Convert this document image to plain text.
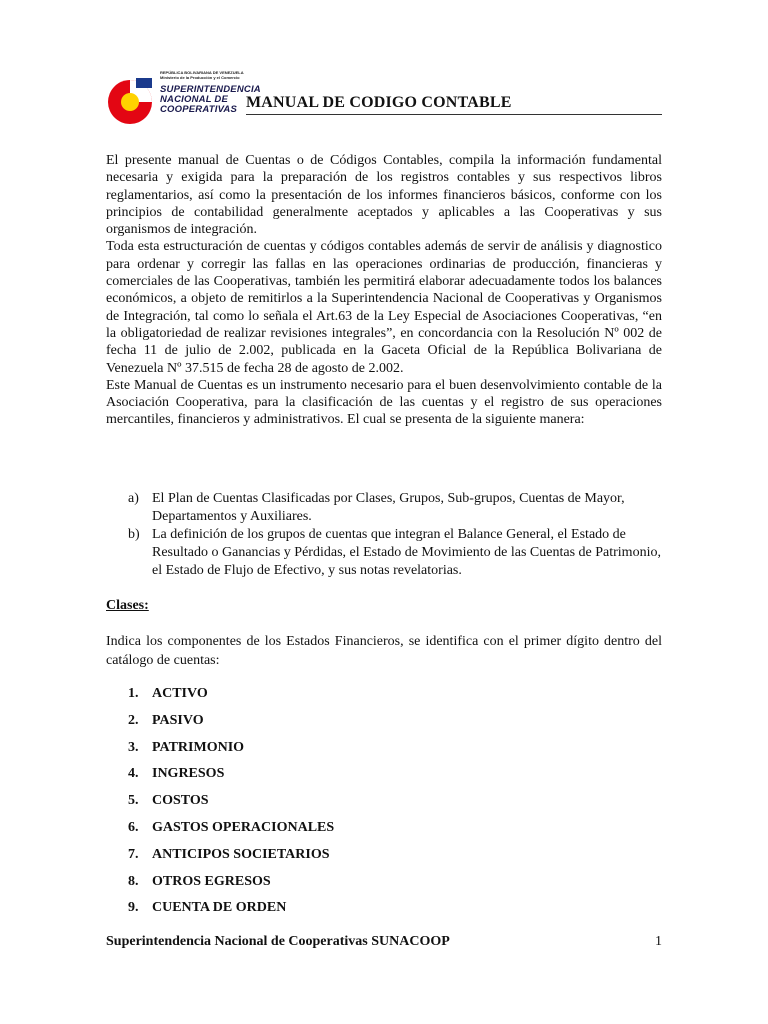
REPÚBLICA BOLIVARIANA DE VENEZUELA
Ministerio de la Producción y el Comercio
SUPERINTENDENCIA
NACIONAL DE
COOPERATIVAS MANUAL DE CODIGO CONTABLE

El presente manual de Cuentas o de Códigos Contables, compila la información fundamental necesaria y exigida para la preparación de los registros contables y sus respectivos libros reglamentarios, así como la presentación de los informes financieros básicos, conforme con los principios de contabilidad generalmente aceptados y aplicables a las Cooperativas y sus organismos de integración.

Toda esta estructuración de cuentas y códigos contables además de servir de análisis y diagnostico para ordenar y corregir las fallas en las operaciones ordinarias de producción, financieras y comerciales de las Cooperativas, también les permitirá elaborar adecuadamente todos los balances económicos, a objeto de remitirlos a la Superintendencia Nacional de Cooperativas y Organismos de Integración, tal como lo señala el Art.63 de la Ley Especial de Asociaciones Cooperativas, “en la obligatoriedad de realizar revisiones integrales”, en concordancia con la Resolución Nº 002 de fecha 11 de julio de 2.002, publicada en la Gaceta Oficial de la República Bolivariana de Venezuela Nº 37.515 de fecha 28 de agosto de 2.002.

Este Manual de Cuentas es un instrumento necesario para el buen desenvolvimiento contable de la Asociación Cooperativa, para la clasificación de las cuentas y el registro de sus operaciones mercantiles, financieros y administrativos. El cual se presenta de la siguiente manera:

a) El Plan de Cuentas Clasificadas por Clases, Grupos, Sub-grupos, Cuentas de Mayor, Departamentos y Auxiliares.
b) La definición de los grupos de cuentas que integran el Balance General, el Estado de Resultado o Ganancias y Pérdidas, el Estado de Movimiento de las Cuentas de Patrimonio, el Estado de Flujo de Efectivo, y sus notas revelatorias.
Clases:
Indica los componentes de los Estados Financieros, se identifica con el primer dígito dentro del catálogo de cuentas:
1. ACTIVO
2. PASIVO
3. PATRIMONIO
4. INGRESOS
5. COSTOS
6. GASTOS OPERACIONALES
7. ANTICIPOS SOCIETARIOS
8. OTROS EGRESOS
9. CUENTA DE ORDEN
Superintendencia Nacional de Cooperativas SUNACOOP	1
